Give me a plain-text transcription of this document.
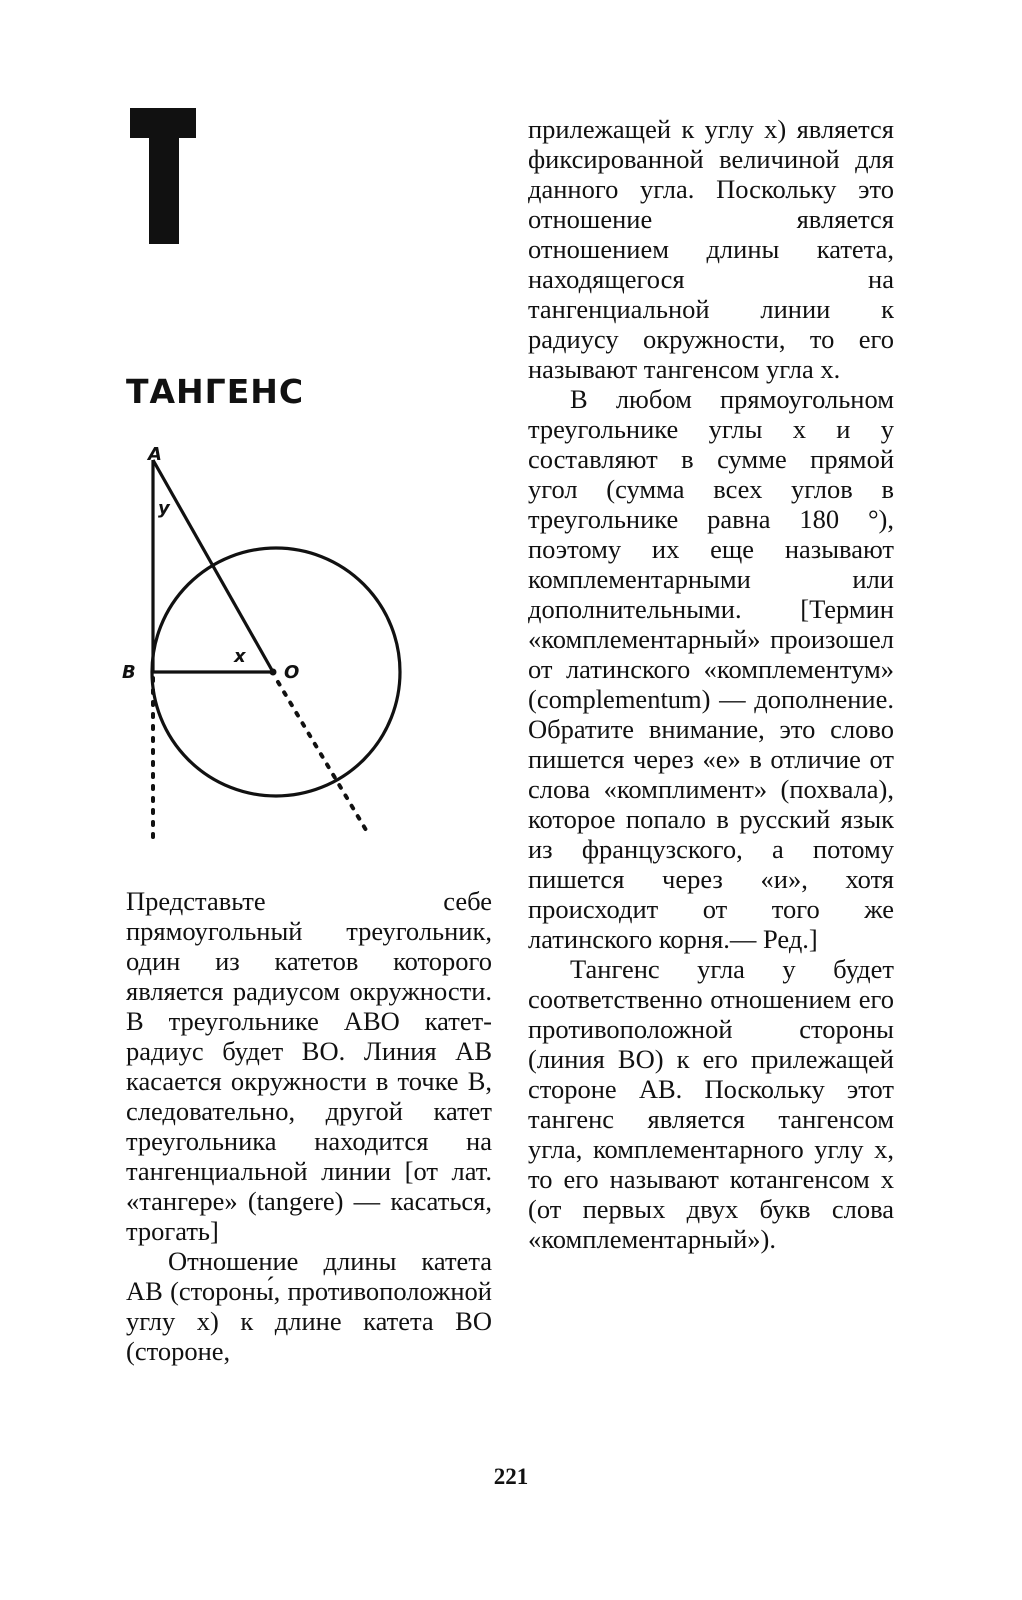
ТАНГЕНС
A
y
B
x
O

Представьте себе прямоугольный треугольник, один из катетов которого является радиусом окружности. В треугольнике ABO катет-радиус будет BO. Линия AB касается окружности в точке B, следовательно, другой катет треугольника находится на тангенциальной линии [от лат. «тангере» (tangere) — касаться, трогать]

Отношение длины катета AB (стороны́, противоположной углу x) к длине катета BO (стороне,

прилежащей к углу x) является фиксированной величиной для данного угла. Поскольку это отношение является отношением длины катета, находящегося на тангенциальной линии к радиусу окружности, то его называют тангенсом угла x.

В любом прямоугольном треугольнике углы x и y составляют в сумме прямой угол (сумма всех углов в треугольнике равна 180 °), поэтому их еще называют комплементарными или дополнительными. [Термин «комплементарный» произошел от латинского «комплементум» (complementum) — дополнение. Обратите внимание, это слово пишется через «е» в отличие от слова «комплимент» (похвала), которое попало в русский язык из французского, а потому пишется через «и», хотя происходит от того же латинского корня.— Ред.]

Тангенс угла y будет соответственно отношением его противоположной стороны (линия BO) к его прилежащей стороне AB. Поскольку этот тангенс является тангенсом угла, комплементарного углу x, то его называют котангенсом x (от первых двух букв слова «комплементарный»).

221
